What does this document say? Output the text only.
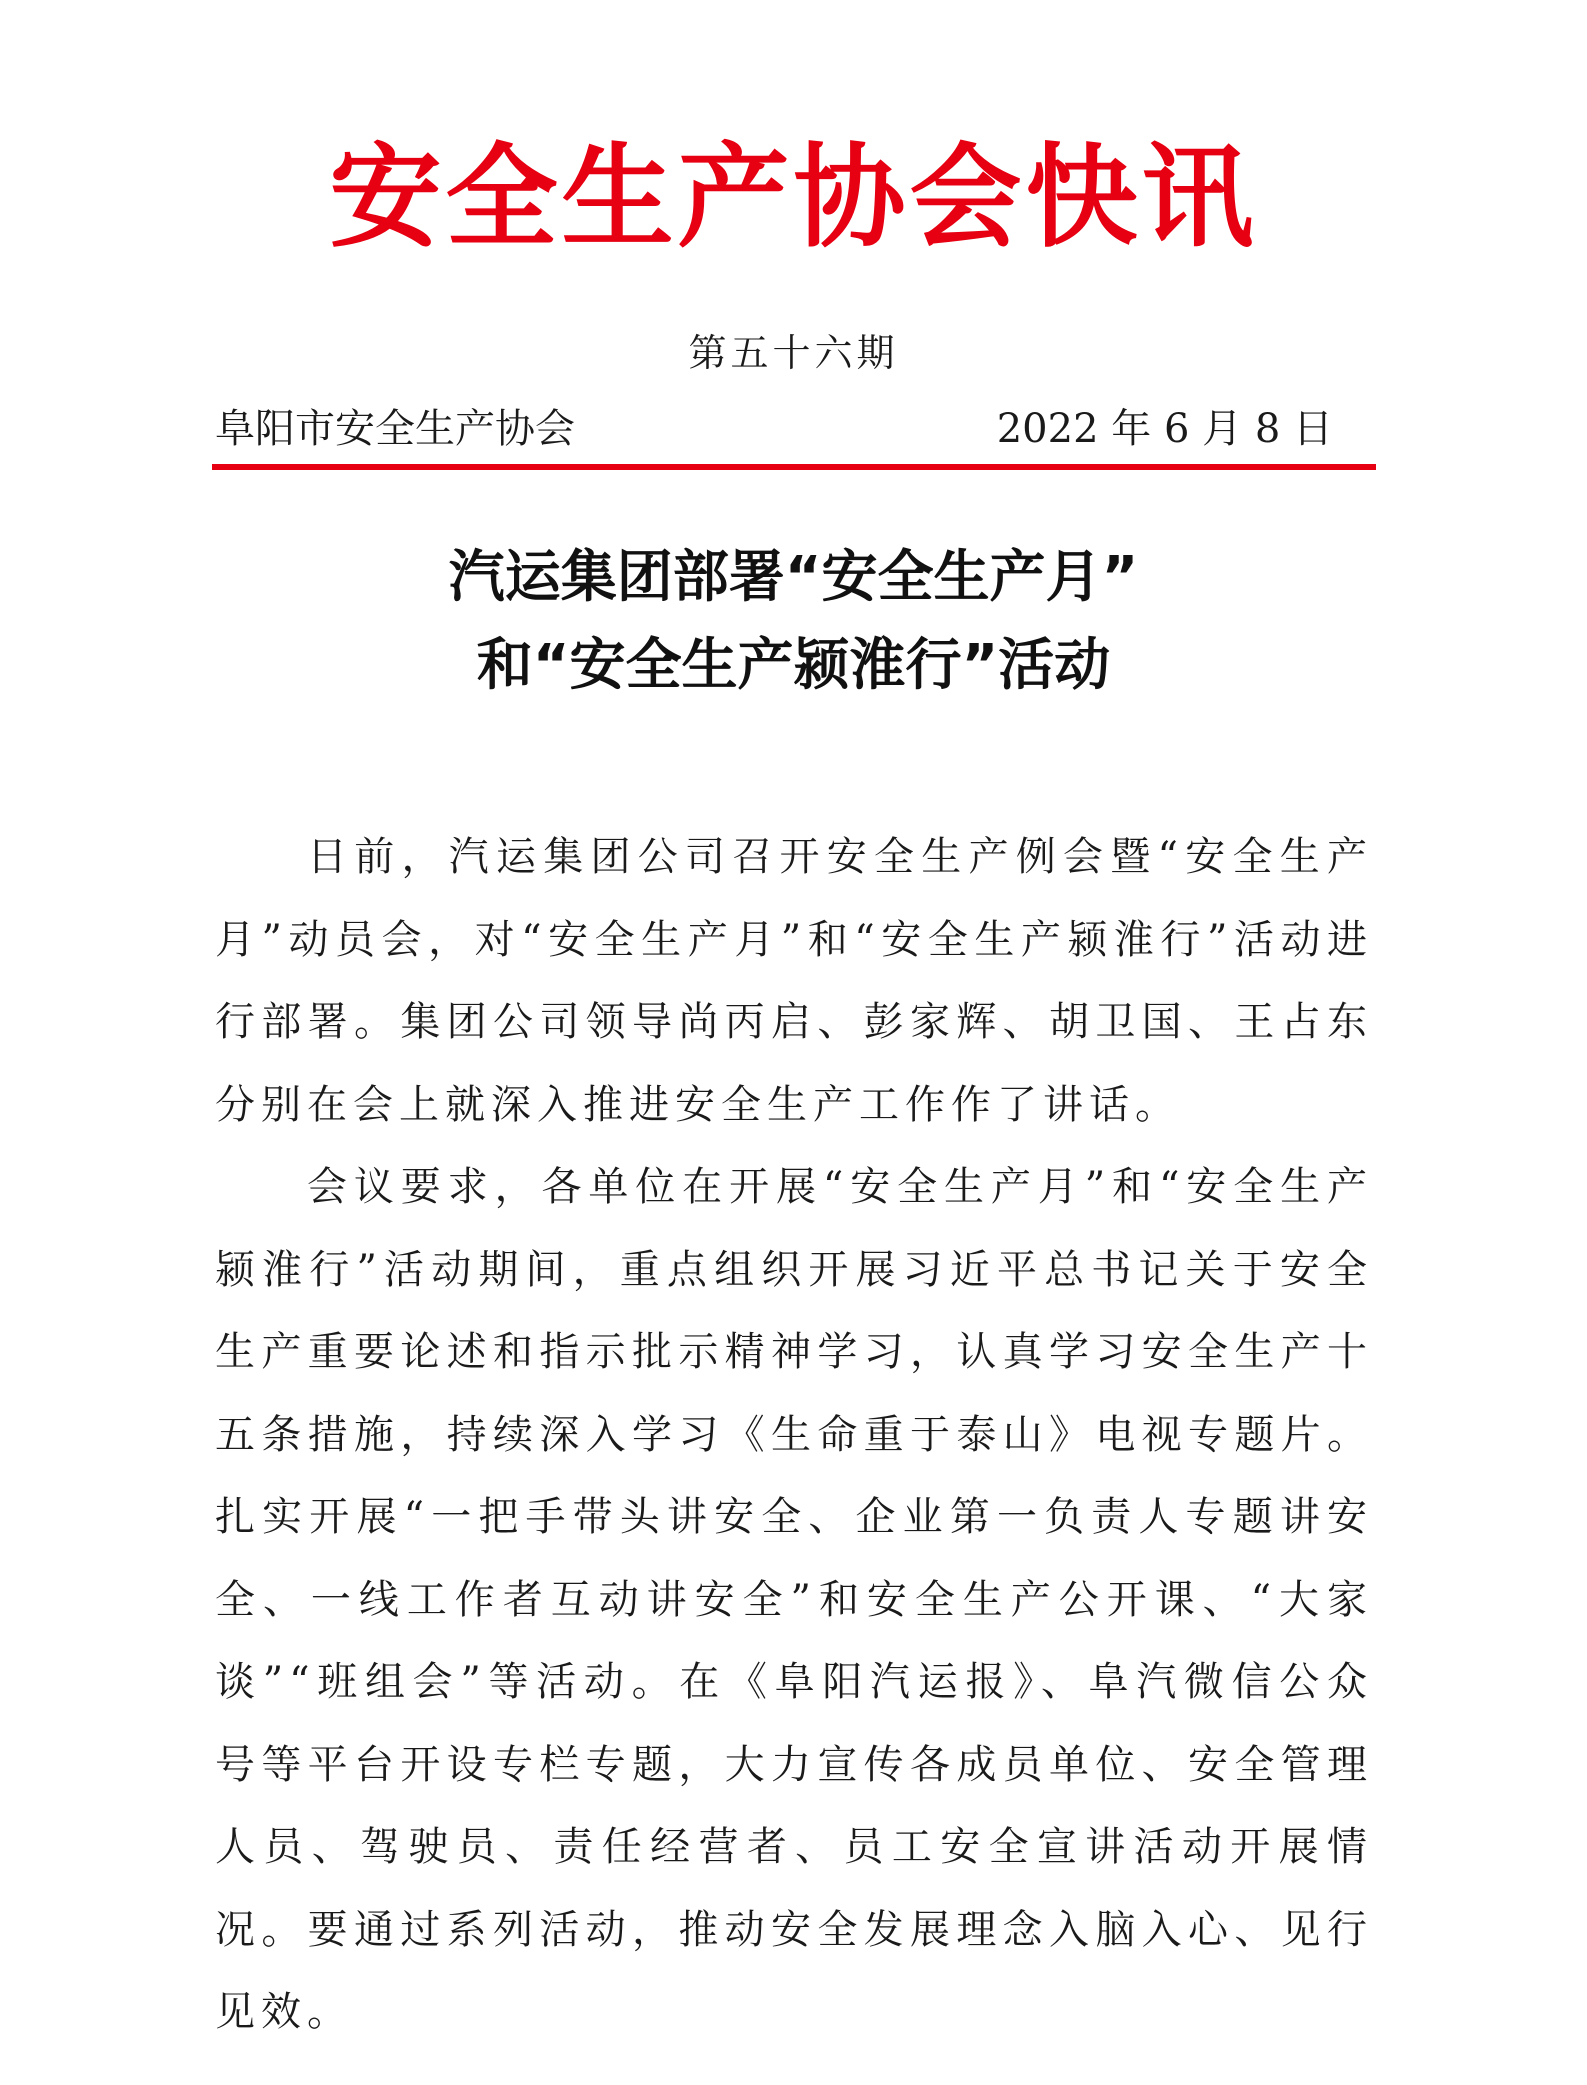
安全生产协会快讯
第五十六期
阜阳市安全生产协会	2022 年 6 月 8 日
汽运集团部署“安全生产月”
和“安全生产颍淮行”活动

日前，汽运集团公司召开安全生产例会暨“安全生产月”动员会，对“安全生产月”和“安全生产颍淮行”活动进行部署。集团公司领导尚丙启、彭家辉、胡卫国、王占东分别在会上就深入推进安全生产工作作了讲话。

会议要求，各单位在开展“安全生产月”和“安全生产颍淮行”活动期间，重点组织开展习近平总书记关于安全生产重要论述和指示批示精神学习，认真学习安全生产十五条措施，持续深入学习《生命重于泰山》电视专题片。扎实开展“一把手带头讲安全、企业第一负责人专题讲安全、一线工作者互动讲安全”和安全生产公开课、“大家谈”“班组会”等活动。在《阜阳汽运报》、阜汽微信公众号等平台开设专栏专题，大力宣传各成员单位、安全管理人员、驾驶员、责任经营者、员工安全宣讲活动开展情况。要通过系列活动，推动安全发展理念入脑入心、见行见效。
